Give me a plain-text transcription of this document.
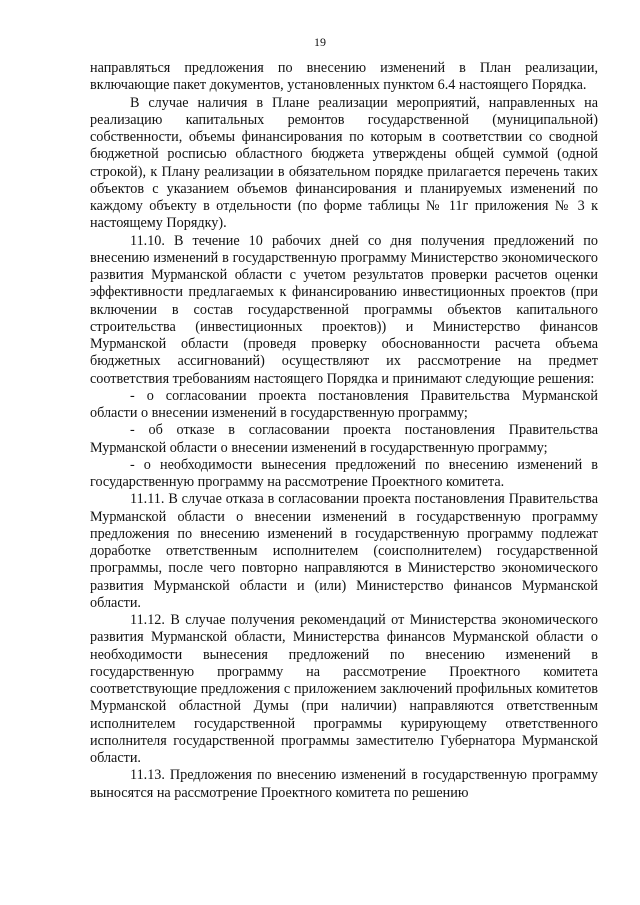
19

направляться предложения по внесению изменений в План реализации, включающие пакет документов, установленных пунктом 6.4 настоящего Порядка.

В случае наличия в Плане реализации мероприятий, направленных на реализацию капитальных ремонтов государственной (муниципальной) собственности, объемы финансирования по которым в соответствии со сводной бюджетной росписью областного бюджета утверждены общей суммой (одной строкой), к Плану реализации в обязательном порядке прилагается перечень таких объектов с указанием объемов финансирования и планируемых изменений по каждому объекту в отдельности (по форме таблицы № 11г приложения № 3 к настоящему Порядку).

11.10. В течение 10 рабочих дней со дня получения предложений по внесению изменений в государственную программу Министерство экономического развития Мурманской области с учетом результатов проверки расчетов оценки эффективности предлагаемых к финансированию инвестиционных проектов (при включении в состав государственной программы объектов капитального строительства (инвестиционных проектов)) и Министерство финансов Мурманской области (проведя проверку обоснованности расчета объема бюджетных ассигнований) осуществляют их рассмотрение на предмет соответствия требованиям настоящего Порядка и принимают следующие решения:

- о согласовании проекта постановления Правительства Мурманской области о внесении изменений в государственную программу;

- об отказе в согласовании проекта постановления Правительства Мурманской области о внесении изменений в государственную программу;

- о необходимости вынесения предложений по внесению изменений в государственную программу на рассмотрение Проектного комитета.

11.11. В случае отказа в согласовании проекта постановления Правительства Мурманской области о внесении изменений в государственную программу предложения по внесению изменений в государственную программу подлежат доработке ответственным исполнителем (соисполнителем) государственной программы, после чего повторно направляются в Министерство экономического развития Мурманской области и (или) Министерство финансов Мурманской области.

11.12. В случае получения рекомендаций от Министерства экономического развития Мурманской области, Министерства финансов Мурманской области о необходимости вынесения предложений по внесению изменений в государственную программу на рассмотрение Проектного комитета соответствующие предложения с приложением заключений профильных комитетов Мурманской областной Думы (при наличии) направляются ответственным исполнителем государственной программы курирующему ответственного исполнителя государственной программы заместителю Губернатора Мурманской области.

11.13. Предложения по внесению изменений в государственную программу выносятся на рассмотрение Проектного комитета по решению
